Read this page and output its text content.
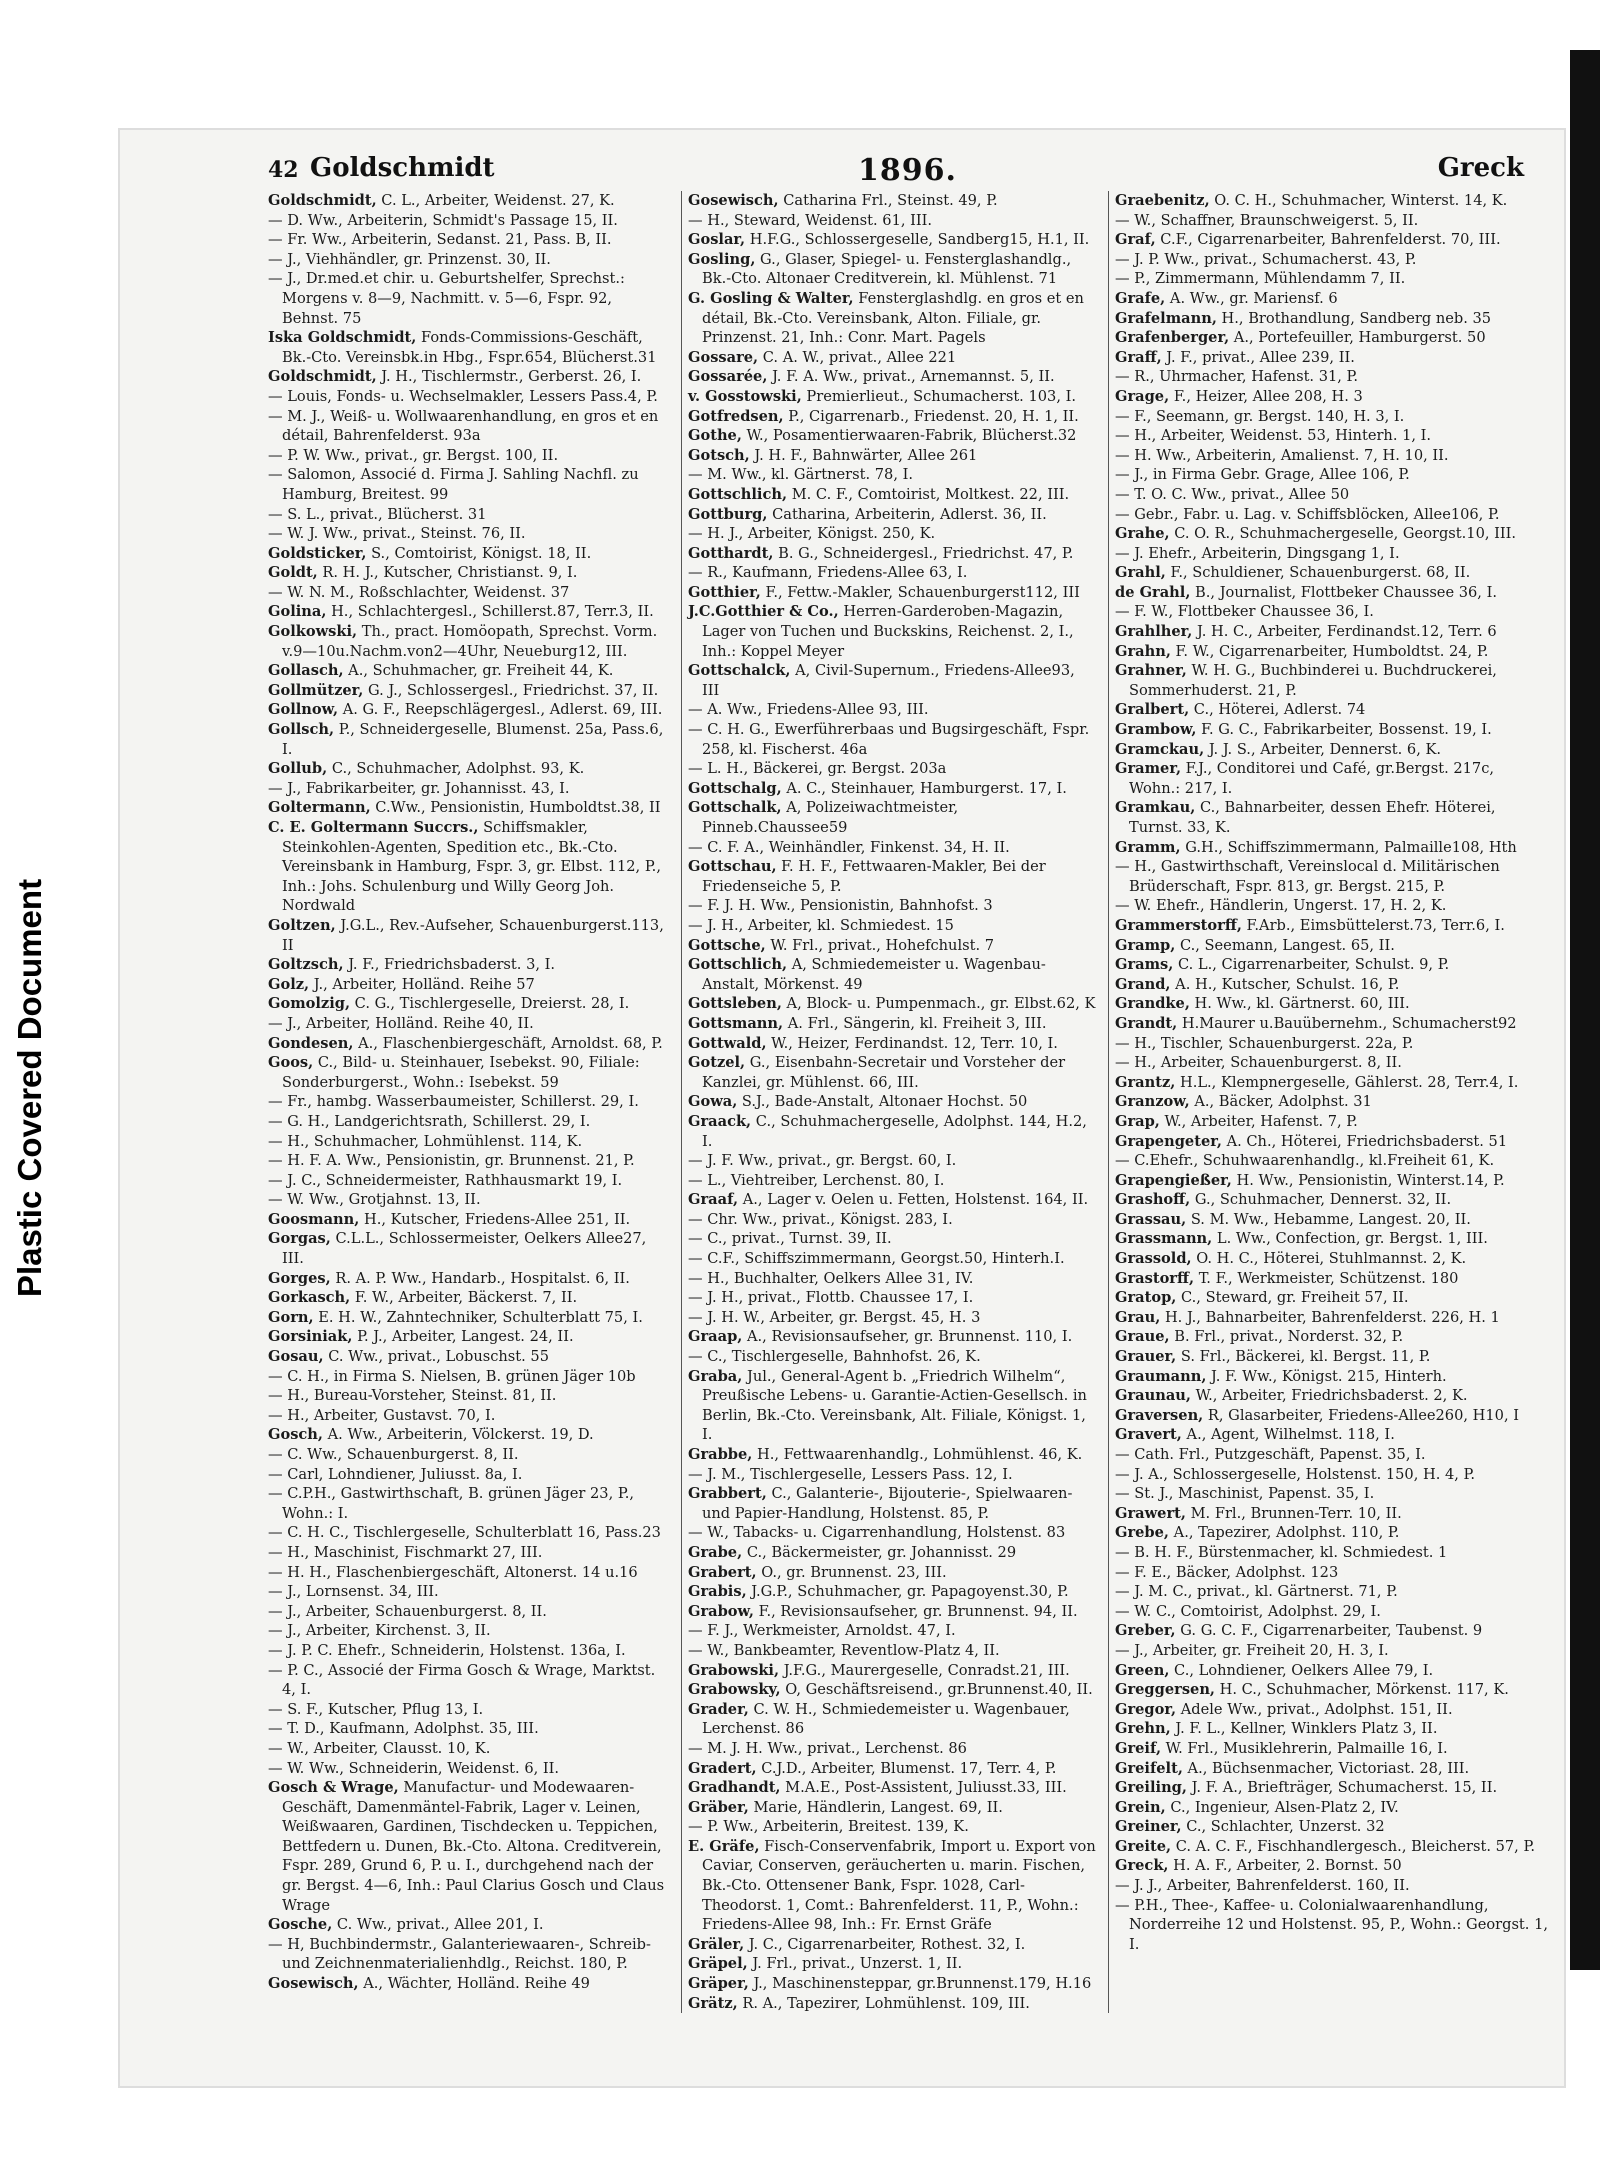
Plastic Covered Document
42 Goldschmidt	1896.	Greck
Goldschmidt, C. L., Arbeiter, Weidenst. 27, K.
— D. Ww., Arbeiterin, Schmidt's Passage 15, II.
— Fr. Ww., Arbeiterin, Sedanst. 21, Pass. B, II.
— J., Viehhändler, gr. Prinzenst. 30, II.
— J., Dr.med.et chir. u. Geburtshelfer, Sprechst.: Morgens v. 8—9, Nachmitt. v. 5—6, Fspr. 92, Behnst. 75
Iska Goldschmidt, Fonds-Commissions-Geschäft, Bk.-Cto. Vereinsbk.in Hbg., Fspr.654, Blücherst.31
Goldschmidt, J. H., Tischlermstr., Gerberst. 26, I.
— Louis, Fonds- u. Wechselmakler, Lessers Pass.4, P.
— M. J., Weiß- u. Wollwaarenhandlung, en gros et en détail, Bahrenfelderst. 93a
— P. W. Ww., privat., gr. Bergst. 100, II.
— Salomon, Associé d. Firma J. Sahling Nachfl. zu Hamburg, Breitest. 99
— S. L., privat., Blücherst. 31
— W. J. Ww., privat., Steinst. 76, II.
Goldsticker, S., Comtoirist, Königst. 18, II.
Goldt, R. H. J., Kutscher, Christianst. 9, I.
— W. N. M., Roßschlachter, Weidenst. 37
Golina, H., Schlachtergesl., Schillerst.87, Terr.3, II.
Golkowski, Th., pract. Homöopath, Sprechst. Vorm. v.9—10u.Nachm.von2—4Uhr, Neueburg12, III.
Gollasch, A., Schuhmacher, gr. Freiheit 44, K.
Gollmützer, G. J., Schlossergesl., Friedrichst. 37, II.
Gollnow, A. G. F., Reepschlägergesl., Adlerst. 69, III.
Gollsch, P., Schneidergeselle, Blumenst. 25a, Pass.6, I.
Gollub, C., Schuhmacher, Adolphst. 93, K.
— J., Fabrikarbeiter, gr. Johannisst. 43, I.
Goltermann, C.Ww., Pensionistin, Humboldtst.38, II
C. E. Goltermann Succrs., Schiffsmakler, Steinkohlen-Agenten, Spedition etc., Bk.-Cto. Vereinsbank in Hamburg, Fspr. 3, gr. Elbst. 112, P., Inh.: Johs. Schulenburg und Willy Georg Joh. Nordwald
Goltzen, J.G.L., Rev.-Aufseher, Schauenburgerst.113, II
Goltzsch, J. F., Friedrichsbaderst. 3, I.
Golz, J., Arbeiter, Holländ. Reihe 57
Gomolzig, C. G., Tischlergeselle, Dreierst. 28, I.
— J., Arbeiter, Holländ. Reihe 40, II.
Gondesen, A., Flaschenbiergeschäft, Arnoldst. 68, P.
Goos, C., Bild- u. Steinhauer, Isebekst. 90, Filiale: Sonderburgerst., Wohn.: Isebekst. 59
— Fr., hambg. Wasserbaumeister, Schillerst. 29, I.
— G. H., Landgerichtsrath, Schillerst. 29, I.
— H., Schuhmacher, Lohmühlenst. 114, K.
— H. F. A. Ww., Pensionistin, gr. Brunnenst. 21, P.
— J. C., Schneidermeister, Rathhausmarkt 19, I.
— W. Ww., Grotjahnst. 13, II.
Goosmann, H., Kutscher, Friedens-Allee 251, II.
Gorgas, C.L.L., Schlossermeister, Oelkers Allee27, III.
Gorges, R. A. P. Ww., Handarb., Hospitalst. 6, II.
Gorkasch, F. W., Arbeiter, Bäckerst. 7, II.
Gorn, E. H. W., Zahntechniker, Schulterblatt 75, I.
Gorsiniak, P. J., Arbeiter, Langest. 24, II.
Gosau, C. Ww., privat., Lobuschst. 55
— C. H., in Firma S. Nielsen, B. grünen Jäger 10b
— H., Bureau-Vorsteher, Steinst. 81, II.
— H., Arbeiter, Gustavst. 70, I.
Gosch, A. Ww., Arbeiterin, Völckerst. 19, D.
— C. Ww., Schauenburgerst. 8, II.
— Carl, Lohndiener, Juliusst. 8a, I.
— C.P.H., Gastwirthschaft, B. grünen Jäger 23, P., Wohn.: I.
— C. H. C., Tischlergeselle, Schulterblatt 16, Pass.23
— H., Maschinist, Fischmarkt 27, III.
— H. H., Flaschenbiergeschäft, Altonerst. 14 u.16
— J., Lornsenst. 34, III.
— J., Arbeiter, Schauenburgerst. 8, II.
— J., Arbeiter, Kirchenst. 3, II.
— J. P. C. Ehefr., Schneiderin, Holstenst. 136a, I.
— P. C., Associé der Firma Gosch & Wrage, Marktst. 4, I.
— S. F., Kutscher, Pflug 13, I.
— T. D., Kaufmann, Adolphst. 35, III.
— W., Arbeiter, Clausst. 10, K.
— W. Ww., Schneiderin, Weidenst. 6, II.
Gosch & Wrage, Manufactur- und Modewaaren-Geschäft, Damenmäntel-Fabrik, Lager v. Leinen, Weißwaaren, Gardinen, Tischdecken u. Teppichen, Bettfedern u. Dunen, Bk.-Cto. Altona. Creditverein, Fspr. 289, Grund 6, P. u. I., durchgehend nach der gr. Bergst. 4—6, Inh.: Paul Clarius Gosch und Claus Wrage
Gosche, C. Ww., privat., Allee 201, I.
— H, Buchbindermstr., Galanteriewaaren-, Schreib- und Zeichnenmaterialienhdlg., Reichst. 180, P.
Gosewisch, A., Wächter, Holländ. Reihe 49
Gosewisch, Catharina Frl., Steinst. 49, P.
— H., Steward, Weidenst. 61, III.
Goslar, H.F.G., Schlossergeselle, Sandberg15, H.1, II.
Gosling, G., Glaser, Spiegel- u. Fensterglashandlg., Bk.-Cto. Altonaer Creditverein, kl. Mühlenst. 71
G. Gosling & Walter, Fensterglashdlg. en gros et en détail, Bk.-Cto. Vereinsbank, Alton. Filiale, gr. Prinzenst. 21, Inh.: Conr. Mart. Pagels
Gossare, C. A. W., privat., Allee 221
Gossarée, J. F. A. Ww., privat., Arnemannst. 5, II.
v. Gosstowski, Premierlieut., Schumacherst. 103, I.
Gotfredsen, P., Cigarrenarb., Friedenst. 20, H. 1, II.
Gothe, W., Posamentierwaaren-Fabrik, Blücherst.32
Gotsch, J. H. F., Bahnwärter, Allee 261
— M. Ww., kl. Gärtnerst. 78, I.
Gottschlich, M. C. F., Comtoirist, Moltkest. 22, III.
Gottburg, Catharina, Arbeiterin, Adlerst. 36, II.
— H. J., Arbeiter, Königst. 250, K.
Gotthardt, B. G., Schneidergesl., Friedrichst. 47, P.
— R., Kaufmann, Friedens-Allee 63, I.
Gotthier, F., Fettw.-Makler, Schauenburgerst112, III
J.C.Gotthier & Co., Herren-Garderoben-Magazin, Lager von Tuchen und Buckskins, Reichenst. 2, I., Inh.: Koppel Meyer
Gottschalck, A, Civil-Supernum., Friedens-Allee93, III
— A. Ww., Friedens-Allee 93, III.
— C. H. G., Ewerführerbaas und Bugsirgeschäft, Fspr. 258, kl. Fischerst. 46a
— L. H., Bäckerei, gr. Bergst. 203a
Gottschalg, A. C., Steinhauer, Hamburgerst. 17, I.
Gottschalk, A, Polizeiwachtmeister, Pinneb.Chaussee59
— C. F. A., Weinhändler, Finkenst. 34, H. II.
Gottschau, F. H. F., Fettwaaren-Makler, Bei der Friedenseiche 5, P.
— F. J. H. Ww., Pensionistin, Bahnhofst. 3
— J. H., Arbeiter, kl. Schmiedest. 15
Gottsche, W. Frl., privat., Hohefchulst. 7
Gottschlich, A, Schmiedemeister u. Wagenbau-Anstalt, Mörkenst. 49
Gottsleben, A, Block- u. Pumpenmach., gr. Elbst.62, K
Gottsmann, A. Frl., Sängerin, kl. Freiheit 3, III.
Gottwald, W., Heizer, Ferdinandst. 12, Terr. 10, I.
Gotzel, G., Eisenbahn-Secretair und Vorsteher der Kanzlei, gr. Mühlenst. 66, III.
Gowa, S.J., Bade-Anstalt, Altonaer Hochst. 50
Graack, C., Schuhmachergeselle, Adolphst. 144, H.2, I.
— J. F. Ww., privat., gr. Bergst. 60, I.
— L., Viehtreiber, Lerchenst. 80, I.
Graaf, A., Lager v. Oelen u. Fetten, Holstenst. 164, II.
— Chr. Ww., privat., Königst. 283, I.
— C., privat., Turnst. 39, II.
— C.F., Schiffszimmermann, Georgst.50, Hinterh.I.
— H., Buchhalter, Oelkers Allee 31, IV.
— J. H., privat., Flottb. Chaussee 17, I.
— J. H. W., Arbeiter, gr. Bergst. 45, H. 3
Graap, A., Revisionsaufseher, gr. Brunnenst. 110, I.
— C., Tischlergeselle, Bahnhofst. 26, K.
Graba, Jul., General-Agent b. „Friedrich Wilhelm“, Preußische Lebens- u. Garantie-Actien-Gesellsch. in Berlin, Bk.-Cto. Vereinsbank, Alt. Filiale, Königst. 1, I.
Grabbe, H., Fettwaarenhandlg., Lohmühlenst. 46, K.
— J. M., Tischlergeselle, Lessers Pass. 12, I.
Grabbert, C., Galanterie-, Bijouterie-, Spielwaaren- und Papier-Handlung, Holstenst. 85, P.
— W., Tabacks- u. Cigarrenhandlung, Holstenst. 83
Grabe, C., Bäckermeister, gr. Johannisst. 29
Grabert, O., gr. Brunnenst. 23, III.
Grabis, J.G.P., Schuhmacher, gr. Papagoyenst.30, P.
Grabow, F., Revisionsaufseher, gr. Brunnenst. 94, II.
— F. J., Werkmeister, Arnoldst. 47, I.
— W., Bankbeamter, Reventlow-Platz 4, II.
Grabowski, J.F.G., Maurergeselle, Conradst.21, III.
Grabowsky, O, Geschäftsreisend., gr.Brunnenst.40, II.
Grader, C. W. H., Schmiedemeister u. Wagenbauer, Lerchenst. 86
— M. J. H. Ww., privat., Lerchenst. 86
Gradert, C.J.D., Arbeiter, Blumenst. 17, Terr. 4, P.
Gradhandt, M.A.E., Post-Assistent, Juliusst.33, III.
Gräber, Marie, Händlerin, Langest. 69, II.
— P. Ww., Arbeiterin, Breitest. 139, K.
E. Gräfe, Fisch-Conservenfabrik, Import u. Export von Caviar, Conserven, geräucherten u. marin. Fischen, Bk.-Cto. Ottensener Bank, Fspr. 1028, Carl-Theodorst. 1, Comt.: Bahrenfelderst. 11, P., Wohn.: Friedens-Allee 98, Inh.: Fr. Ernst Gräfe
Gräler, J. C., Cigarrenarbeiter, Rothest. 32, I.
Gräpel, J. Frl., privat., Unzerst. 1, II.
Gräper, J., Maschinensteppar, gr.Brunnenst.179, H.16
Grätz, R. A., Tapezirer, Lohmühlenst. 109, III.
Graebenitz, O. C. H., Schuhmacher, Winterst. 14, K.
— W., Schaffner, Braunschweigerst. 5, II.
Graf, C.F., Cigarrenarbeiter, Bahrenfelderst. 70, III.
— J. P. Ww., privat., Schumacherst. 43, P.
— P., Zimmermann, Mühlendamm 7, II.
Grafe, A. Ww., gr. Mariensf. 6
Grafelmann, H., Brothandlung, Sandberg neb. 35
Grafenberger, A., Portefeuiller, Hamburgerst. 50
Graff, J. F., privat., Allee 239, II.
— R., Uhrmacher, Hafenst. 31, P.
Grage, F., Heizer, Allee 208, H. 3
— F., Seemann, gr. Bergst. 140, H. 3, I.
— H., Arbeiter, Weidenst. 53, Hinterh. 1, I.
— H. Ww., Arbeiterin, Amalienst. 7, H. 10, II.
— J., in Firma Gebr. Grage, Allee 106, P.
— T. O. C. Ww., privat., Allee 50
— Gebr., Fabr. u. Lag. v. Schiffsblöcken, Allee106, P.
Grahe, C. O. R., Schuhmachergeselle, Georgst.10, III.
— J. Ehefr., Arbeiterin, Dingsgang 1, I.
Grahl, F., Schuldiener, Schauenburgerst. 68, II.
de Grahl, B., Journalist, Flottbeker Chaussee 36, I.
— F. W., Flottbeker Chaussee 36, I.
Grahlher, J. H. C., Arbeiter, Ferdinandst.12, Terr. 6
Grahn, F. W., Cigarrenarbeiter, Humboldtst. 24, P.
Grahner, W. H. G., Buchbinderei u. Buchdruckerei, Sommerhuderst. 21, P.
Gralbert, C., Höterei, Adlerst. 74
Grambow, F. G. C., Fabrikarbeiter, Bossenst. 19, I.
Gramckau, J. J. S., Arbeiter, Dennerst. 6, K.
Gramer, F.J., Conditorei und Café, gr.Bergst. 217c, Wohn.: 217, I.
Gramkau, C., Bahnarbeiter, dessen Ehefr. Höterei, Turnst. 33, K.
Gramm, G.H., Schiffszimmermann, Palmaille108, Hth
— H., Gastwirthschaft, Vereinslocal d. Militärischen Brüderschaft, Fspr. 813, gr. Bergst. 215, P.
— W. Ehefr., Händlerin, Ungerst. 17, H. 2, K.
Grammerstorff, F.Arb., Eimsbüttelerst.73, Terr.6, I.
Gramp, C., Seemann, Langest. 65, II.
Grams, C. L., Cigarrenarbeiter, Schulst. 9, P.
Grand, A. H., Kutscher, Schulst. 16, P.
Grandke, H. Ww., kl. Gärtnerst. 60, III.
Grandt, H.Maurer u.Bauübernehm., Schumacherst92
— H., Tischler, Schauenburgerst. 22a, P.
— H., Arbeiter, Schauenburgerst. 8, II.
Grantz, H.L., Klempnergeselle, Gählerst. 28, Terr.4, I.
Granzow, A., Bäcker, Adolphst. 31
Grap, W., Arbeiter, Hafenst. 7, P.
Grapengeter, A. Ch., Höterei, Friedrichsbaderst. 51
— C.Ehefr., Schuhwaarenhandlg., kl.Freiheit 61, K.
Grapengießer, H. Ww., Pensionistin, Winterst.14, P.
Grashoff, G., Schuhmacher, Dennerst. 32, II.
Grassau, S. M. Ww., Hebamme, Langest. 20, II.
Grassmann, L. Ww., Confection, gr. Bergst. 1, III.
Grassold, O. H. C., Höterei, Stuhlmannst. 2, K.
Grastorff, T. F., Werkmeister, Schützenst. 180
Gratop, C., Steward, gr. Freiheit 57, II.
Grau, H. J., Bahnarbeiter, Bahrenfelderst. 226, H. 1
Graue, B. Frl., privat., Norderst. 32, P.
Grauer, S. Frl., Bäckerei, kl. Bergst. 11, P.
Graumann, J. F. Ww., Königst. 215, Hinterh.
Graunau, W., Arbeiter, Friedrichsbaderst. 2, K.
Graversen, R, Glasarbeiter, Friedens-Allee260, H10, I
Gravert, A., Agent, Wilhelmst. 118, I.
— Cath. Frl., Putzgeschäft, Papenst. 35, I.
— J. A., Schlossergeselle, Holstenst. 150, H. 4, P.
— St. J., Maschinist, Papenst. 35, I.
Grawert, M. Frl., Brunnen-Terr. 10, II.
Grebe, A., Tapezirer, Adolphst. 110, P.
— B. H. F., Bürstenmacher, kl. Schmiedest. 1
— F. E., Bäcker, Adolphst. 123
— J. M. C., privat., kl. Gärtnerst. 71, P.
— W. C., Comtoirist, Adolphst. 29, I.
Greber, G. G. C. F., Cigarrenarbeiter, Taubenst. 9
— J., Arbeiter, gr. Freiheit 20, H. 3, I.
Green, C., Lohndiener, Oelkers Allee 79, I.
Greggersen, H. C., Schuhmacher, Mörkenst. 117, K.
Gregor, Adele Ww., privat., Adolphst. 151, II.
Grehn, J. F. L., Kellner, Winklers Platz 3, II.
Greif, W. Frl., Musiklehrerin, Palmaille 16, I.
Greifelt, A., Büchsenmacher, Victoriast. 28, III.
Greiling, J. F. A., Briefträger, Schumacherst. 15, II.
Grein, C., Ingenieur, Alsen-Platz 2, IV.
Greiner, C., Schlachter, Unzerst. 32
Greite, C. A. C. F., Fischhandlergesch., Bleicherst. 57, P.
Greck, H. A. F., Arbeiter, 2. Bornst. 50
— J. J., Arbeiter, Bahrenfelderst. 160, II.
— P.H., Thee-, Kaffee- u. Colonialwaarenhandlung, Norderreihe 12 und Holstenst. 95, P., Wohn.: Georgst. 1, I.
